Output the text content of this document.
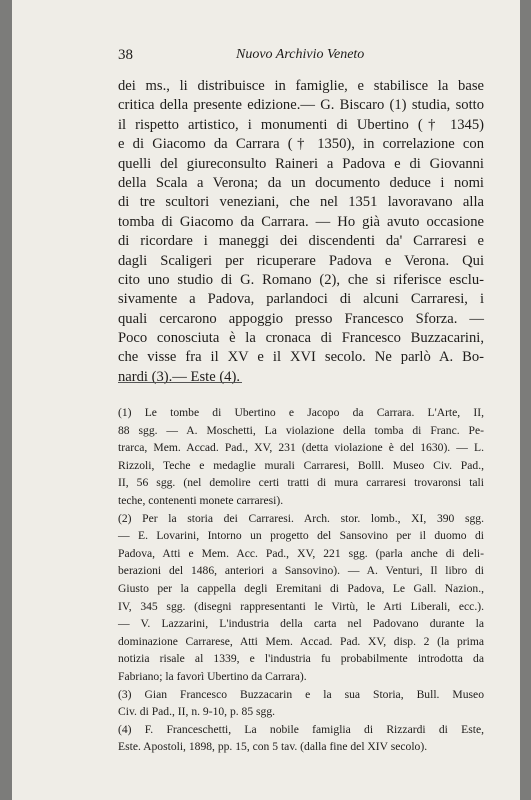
38	Nuovo Archivio Veneto
dei ms., li distribuisce in famiglie, e stabilisce la base
critica della presente edizione.— G. Biscaro (1) studia, sotto
il rispetto artistico, i monumenti di Ubertino († 1345)
e di Giacomo da Carrara († 1350), in correlazione con
quelli del giureconsulto Raineri a Padova e di Giovanni
della Scala a Verona; da un documento deduce i nomi
di tre scultori veneziani, che nel 1351 lavoravano alla
tomba di Giacomo da Carrara. — Ho già avuto occasione
di ricordare i maneggi dei discendenti da' Carraresi e
dagli Scaligeri per ricuperare Padova e Verona. Qui
cito uno studio di G. Romano (2), che si riferisce esclu-
sivamente a Padova, parlandoci di alcuni Carraresi, i
quali cercarono appoggio presso Francesco Sforza. —
Poco conosciuta è la cronaca di Francesco Buzzacarini,
che visse fra il XV e il XVI secolo. Ne parlò A. Bo-
nardi (3).— Este (4).
(1) Le tombe di Ubertino e Jacopo da Carrara. L'Arte, II,
88 sgg. — A. Moschetti, La violazione della tomba di Franc. Pe-
trarca, Mem. Accad. Pad., XV, 231 (detta violazione è del 1630). — L.
Rizzoli, Teche e medaglie murali Carraresi, Bolll. Museo Civ. Pad.,
II, 56 sgg. (nel demolire certi tratti di mura carraresi trovaronsi tali
teche, contenenti monete carraresi).
(2) Per la storia dei Carraresi. Arch. stor. lomb., XI, 390 sgg.
— E. Lovarini, Intorno un progetto del Sansovino per il duomo di
Padova, Atti e Mem. Acc. Pad., XV, 221 sgg. (parla anche di deli-
berazioni del 1486, anteriori a Sansovino). — A. Venturi, Il libro di
Giusto per la cappella degli Eremitani di Padova, Le Gall. Nazion.,
IV, 345 sgg. (disegni rappresentanti le Virtù, le Arti Liberali, ecc.).
— V. Lazzarini, L'industria della carta nel Padovano durante la
dominazione Carrarese, Atti Mem. Accad. Pad. XV, disp. 2 (la prima
notizia risale al 1339, e l'industria fu probabilmente introdotta da
Fabriano; la favorì Ubertino da Carrara).
(3) Gian Francesco Buzzacarin e la sua Storia, Bull. Museo
Civ. di Pad., II, n. 9-10, p. 85 sgg.
(4) F. Franceschetti, La nobile famiglia di Rizzardi di Este,
Este. Apostoli, 1898, pp. 15, con 5 tav. (dalla fine del XIV secolo).
